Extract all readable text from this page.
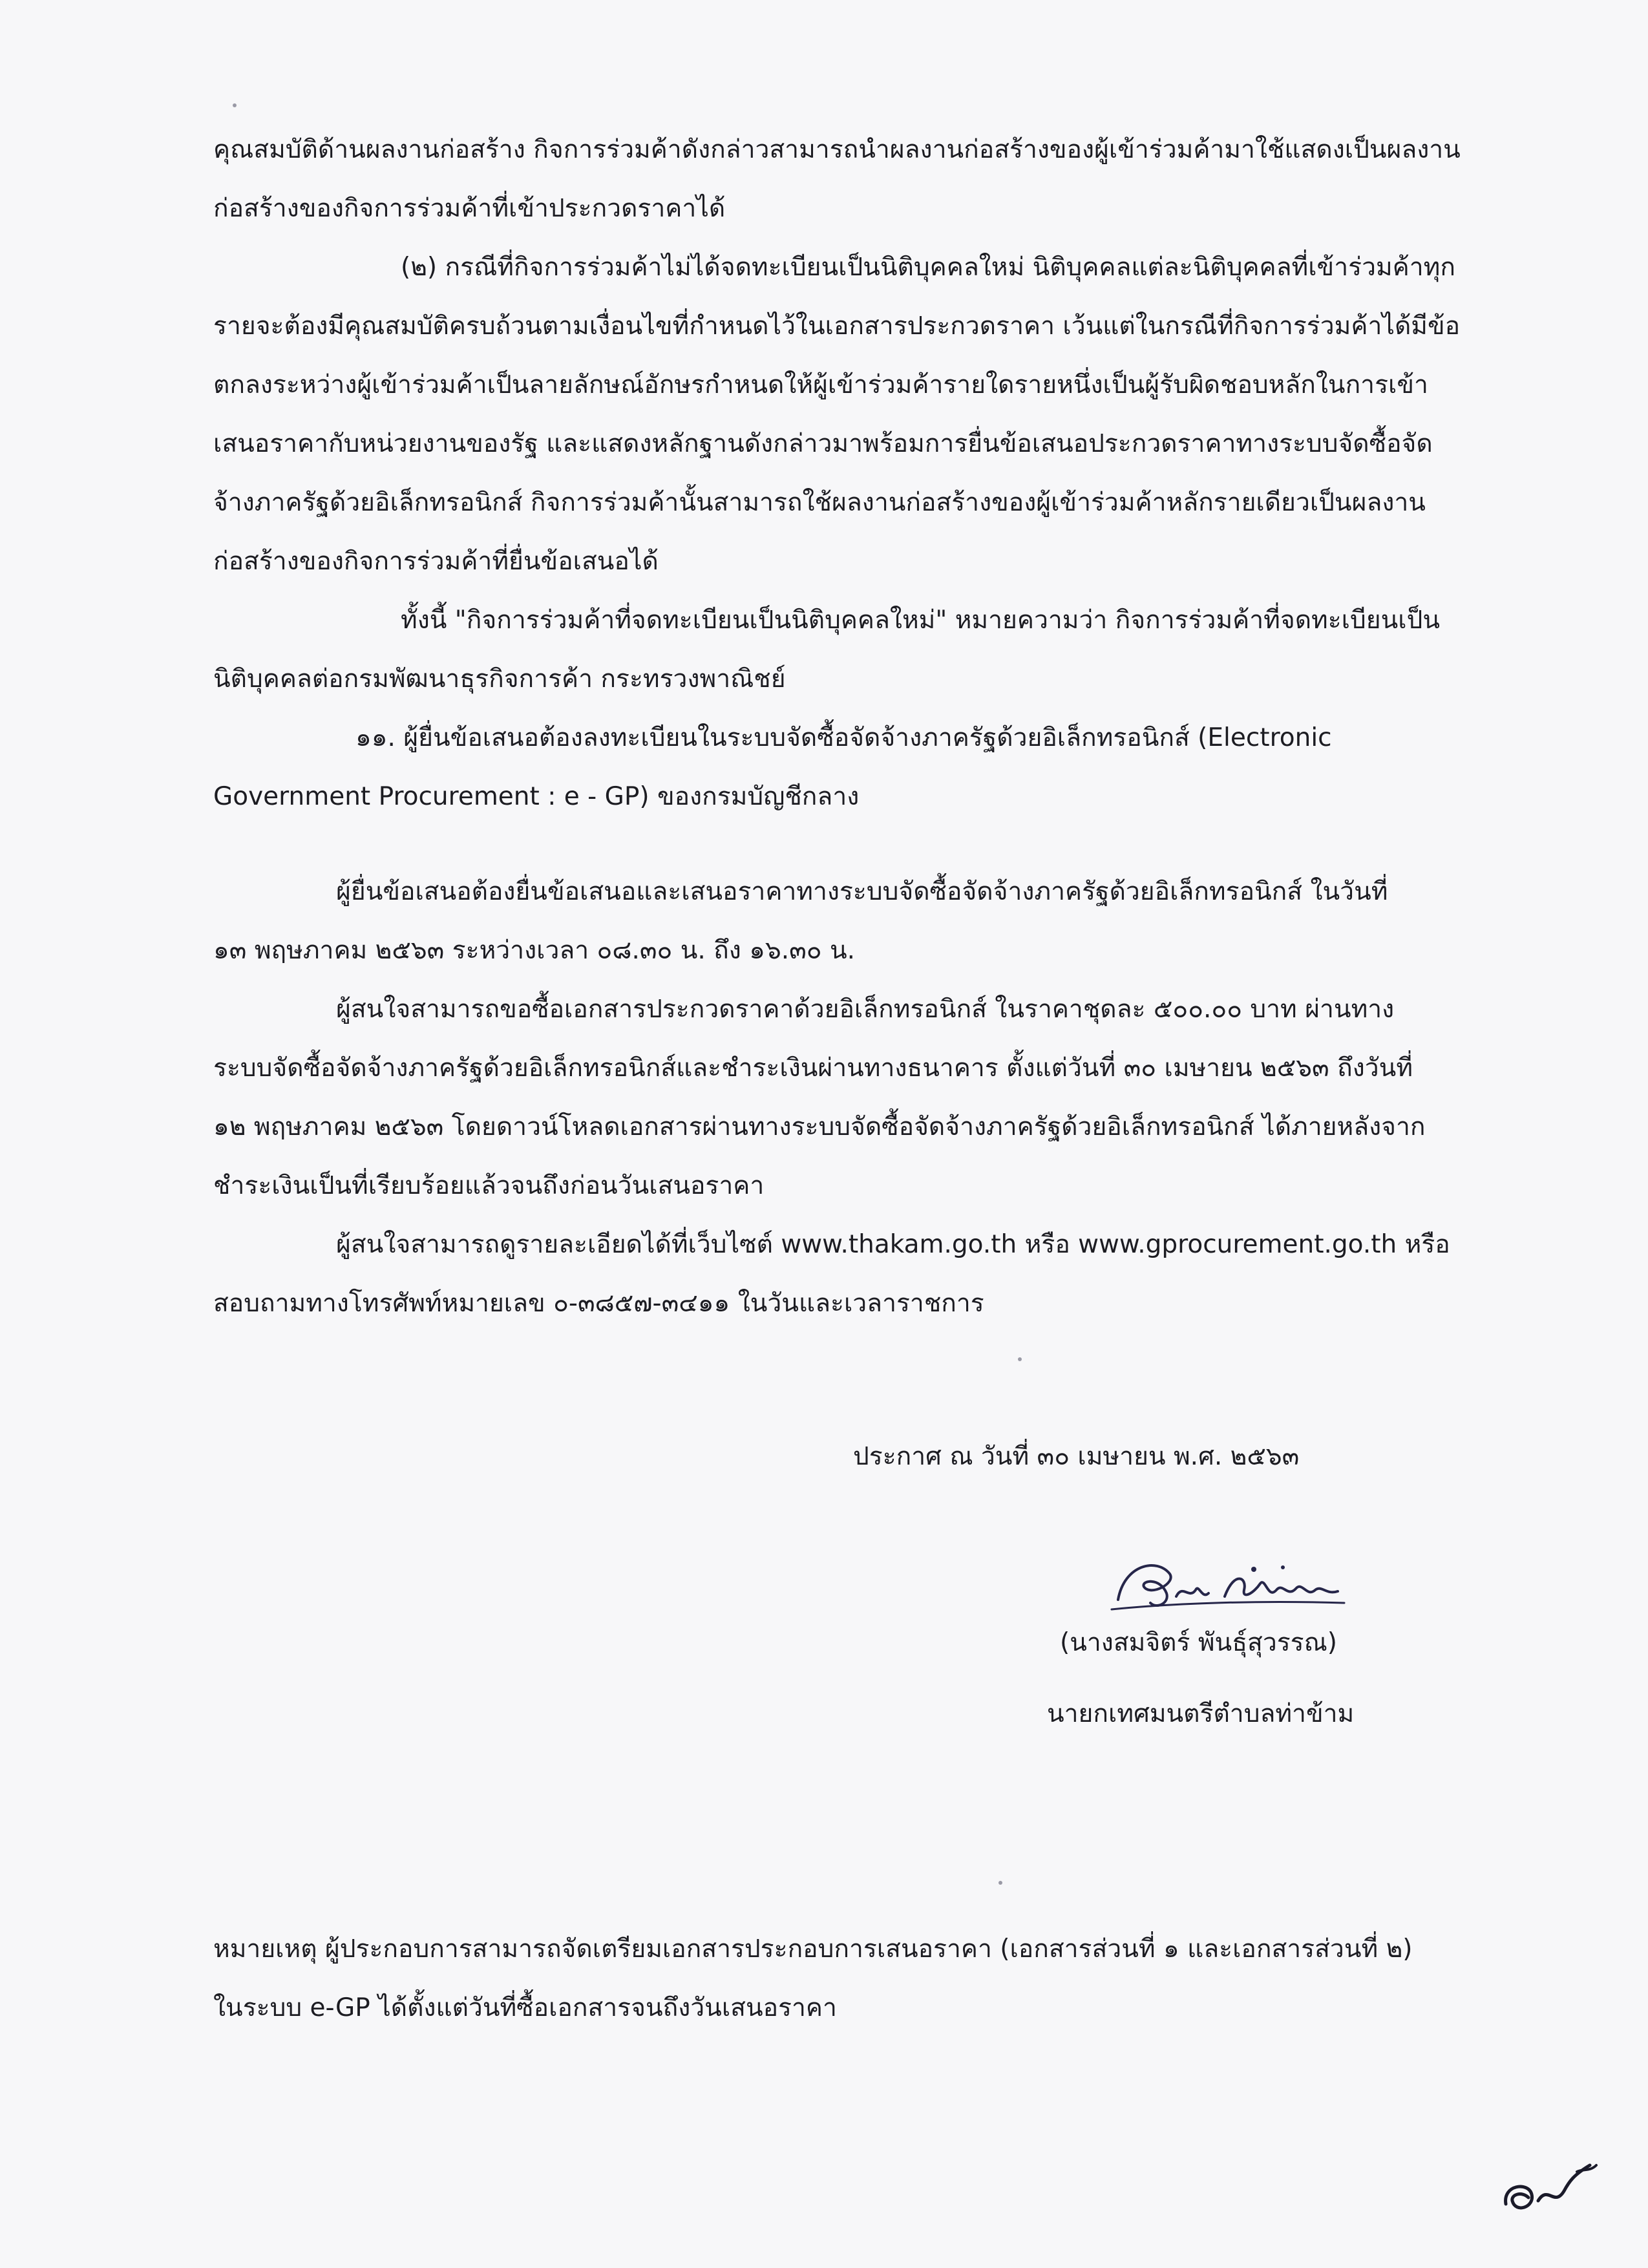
คุณสมบัติด้านผลงานก่อสร้าง กิจการร่วมค้าดังกล่าวสามารถนำผลงานก่อสร้างของผู้เข้าร่วมค้ามาใช้แสดงเป็นผลงาน
ก่อสร้างของกิจการร่วมค้าที่เข้าประกวดราคาได้
(๒) กรณีที่กิจการร่วมค้าไม่ได้จดทะเบียนเป็นนิติบุคคลใหม่ นิติบุคคลแต่ละนิติบุคคลที่เข้าร่วมค้าทุก
รายจะต้องมีคุณสมบัติครบถ้วนตามเงื่อนไขที่กำหนดไว้ในเอกสารประกวดราคา เว้นแต่ในกรณีที่กิจการร่วมค้าได้มีข้อ
ตกลงระหว่างผู้เข้าร่วมค้าเป็นลายลักษณ์อักษรกำหนดให้ผู้เข้าร่วมค้ารายใดรายหนึ่งเป็นผู้รับผิดชอบหลักในการเข้า
เสนอราคากับหน่วยงานของรัฐ และแสดงหลักฐานดังกล่าวมาพร้อมการยื่นข้อเสนอประกวดราคาทางระบบจัดซื้อจัด
จ้างภาครัฐด้วยอิเล็กทรอนิกส์ กิจการร่วมค้านั้นสามารถใช้ผลงานก่อสร้างของผู้เข้าร่วมค้าหลักรายเดียวเป็นผลงาน
ก่อสร้างของกิจการร่วมค้าที่ยื่นข้อเสนอได้
ทั้งนี้ "กิจการร่วมค้าที่จดทะเบียนเป็นนิติบุคคลใหม่" หมายความว่า กิจการร่วมค้าที่จดทะเบียนเป็น
นิติบุคคลต่อกรมพัฒนาธุรกิจการค้า กระทรวงพาณิชย์
๑๑. ผู้ยื่นข้อเสนอต้องลงทะเบียนในระบบจัดซื้อจัดจ้างภาครัฐด้วยอิเล็กทรอนิกส์ (Electronic
Government Procurement : e - GP) ของกรมบัญชีกลาง
ผู้ยื่นข้อเสนอต้องยื่นข้อเสนอและเสนอราคาทางระบบจัดซื้อจัดจ้างภาครัฐด้วยอิเล็กทรอนิกส์ ในวันที่
๑๓ พฤษภาคม ๒๕๖๓ ระหว่างเวลา ๐๘.๓๐ น. ถึง ๑๖.๓๐ น.
ผู้สนใจสามารถขอซื้อเอกสารประกวดราคาด้วยอิเล็กทรอนิกส์ ในราคาชุดละ ๕๐๐.๐๐ บาท ผ่านทาง
ระบบจัดซื้อจัดจ้างภาครัฐด้วยอิเล็กทรอนิกส์และชำระเงินผ่านทางธนาคาร ตั้งแต่วันที่ ๓๐ เมษายน ๒๕๖๓ ถึงวันที่
๑๒ พฤษภาคม ๒๕๖๓ โดยดาวน์โหลดเอกสารผ่านทางระบบจัดซื้อจัดจ้างภาครัฐด้วยอิเล็กทรอนิกส์ ได้ภายหลังจาก
ชำระเงินเป็นที่เรียบร้อยแล้วจนถึงก่อนวันเสนอราคา
ผู้สนใจสามารถดูรายละเอียดได้ที่เว็บไซต์ www.thakam.go.th หรือ www.gprocurement.go.th หรือ
สอบถามทางโทรศัพท์หมายเลข ๐-๓๘๕๗-๓๔๑๑ ในวันและเวลาราชการ
ประกาศ ณ วันที่ ๓๐ เมษายน พ.ศ. ๒๕๖๓
(นางสมจิตร์ พันธุ์สุวรรณ)
นายกเทศมนตรีตำบลท่าข้าม
หมายเหตุ ผู้ประกอบการสามารถจัดเตรียมเอกสารประกอบการเสนอราคา (เอกสารส่วนที่ ๑ และเอกสารส่วนที่ ๒)
ในระบบ e-GP ได้ตั้งแต่วันที่ซื้อเอกสารจนถึงวันเสนอราคา
